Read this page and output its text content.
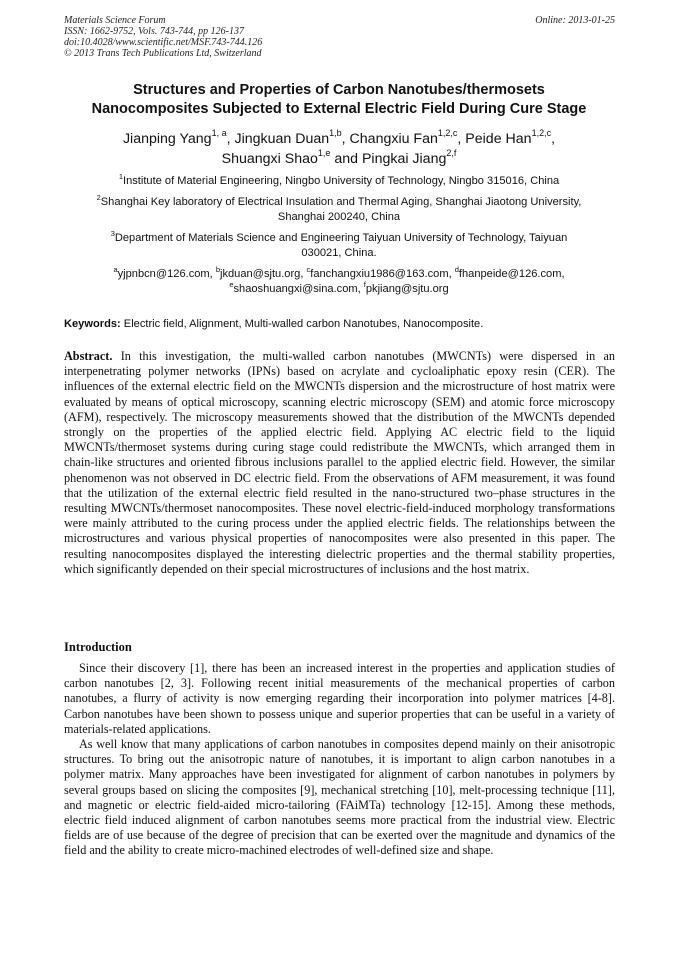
Materials Science Forum
ISSN: 1662-9752, Vols. 743-744, pp 126-137
doi:10.4028/www.scientific.net/MSF.743-744.126
© 2013 Trans Tech Publications Ltd, Switzerland
Online: 2013-01-25
Structures and Properties of Carbon Nanotubes/thermosets
Nanocomposites Subjected to External Electric Field During Cure Stage
Jianping Yang$^{1, a}$, Jingkuan Duan$^{1,b}$, Changxiu Fan$^{1,2,c}$, Peide Han$^{1,2,c}$,
Shuangxi Shao$^{1,e}$ and Pingkai Jiang$^{2,f}$
$^1$Institute of Material Engineering, Ningbo University of Technology, Ningbo 315016, China
$^2$Shanghai Key laboratory of Electrical Insulation and Thermal Aging, Shanghai Jiaotong University,
Shanghai 200240, China
$^3$Department of Materials Science and Engineering Taiyuan University of Technology, Taiyuan
030021, China.
$^a$yjpnbcn@126.com, $^b$jkduan@sjtu.org, $^c$fanchangxiu1986@163.com, $^d$fhanpeide@126.com,
$^e$shaoshuangxi@sina.com, $^f$pkjiang@sjtu.org
Keywords: Electric field, Alignment, Multi-walled carbon Nanotubes, Nanocomposite.
Abstract. In this investigation, the multi-walled carbon nanotubes (MWCNTs) were dispersed in an interpenetrating polymer networks (IPNs) based on acrylate and cycloaliphatic epoxy resin (CER). The influences of the external electric field on the MWCNTs dispersion and the microstructure of host matrix were evaluated by means of optical microscopy, scanning electric microscopy (SEM) and atomic force microscopy (AFM), respectively. The microscopy measurements showed that the distribution of the MWCNTs depended strongly on the properties of the applied electric field. Applying AC electric field to the liquid MWCNTs/thermoset systems during curing stage could redistribute the MWCNTs, which arranged them in chain-like structures and oriented fibrous inclusions parallel to the applied electric field. However, the similar phenomenon was not observed in DC electric field. From the observations of AFM measurement, it was found that the utilization of the external electric field resulted in the nano-structured two–phase structures in the resulting MWCNTs/thermoset nanocomposites. These novel electric-field-induced morphology transformations were mainly attributed to the curing process under the applied electric fields. The relationships between the microstructures and various physical properties of nanocomposites were also presented in this paper. The resulting nanocomposites displayed the interesting dielectric properties and the thermal stability properties, which significantly depended on their special microstructures of inclusions and the host matrix.
Introduction

Since their discovery [1], there has been an increased interest in the properties and application studies of carbon nanotubes [2, 3]. Following recent initial measurements of the mechanical properties of carbon nanotubes, a flurry of activity is now emerging regarding their incorporation into polymer matrices [4-8]. Carbon nanotubes have been shown to possess unique and superior properties that can be useful in a variety of materials-related applications.

As well know that many applications of carbon nanotubes in composites depend mainly on their anisotropic structures. To bring out the anisotropic nature of nanotubes, it is important to align carbon nanotubes in a polymer matrix. Many approaches have been investigated for alignment of carbon nanotubes in polymers by several groups based on slicing the composites [9], mechanical stretching [10], melt-processing technique [11], and magnetic or electric field-aided micro-tailoring (FAiMTa) technology [12-15]. Among these methods, electric field induced alignment of carbon nanotubes seems more practical from the industrial view. Electric fields are of use because of the degree of precision that can be exerted over the magnitude and dynamics of the field and the ability to create micro-machined electrodes of well-defined size and shape.
